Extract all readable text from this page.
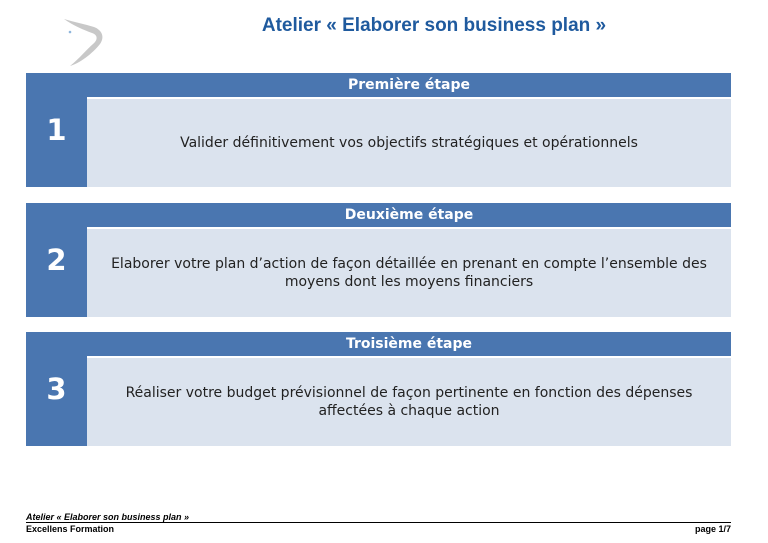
Atelier « Elaborer son business plan »
1
Première étape
Valider définitivement vos objectifs stratégiques et opérationnels
2
Deuxième étape
Elaborer votre plan d’action de façon détaillée en prenant en compte l’ensemble des moyens dont les moyens financiers
3
Troisième étape
Réaliser votre budget prévisionnel de façon pertinente en fonction des dépenses affectées à chaque action
Atelier « Elaborer son business plan »
Excellens Formation	page 1/7
